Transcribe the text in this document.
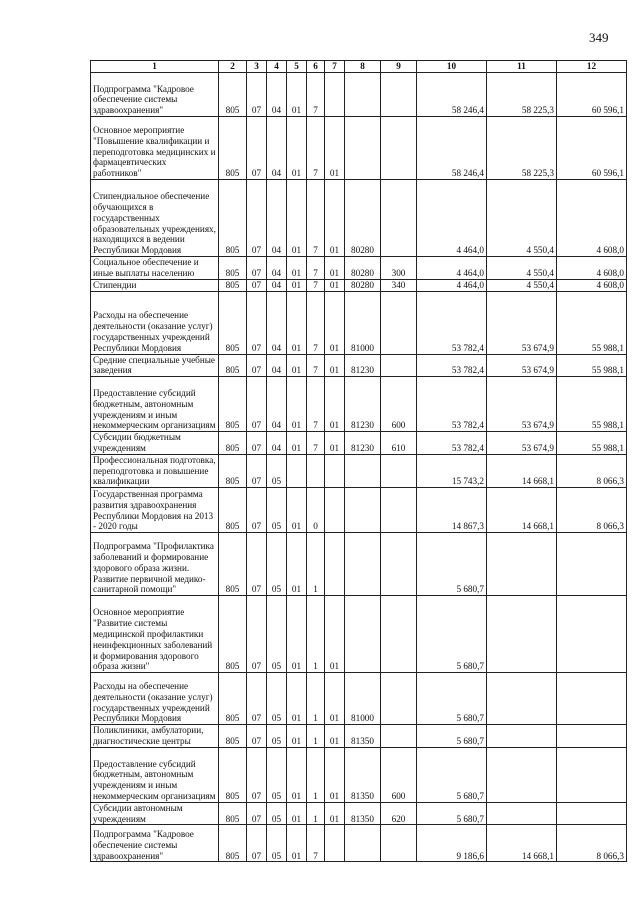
349
1	2	3	4	5	6	7	8	9	10	11	12
Подпрограмма "Кадровое обеспечение системы здравоохранения"	805	07	04	01	7				58 246,4	58 225,3	60 596,1
Основное мероприятие "Повышение квалификации и переподготовка медицинских и фармацевтических работников"	805	07	04	01	7	01			58 246,4	58 225,3	60 596,1
Стипендиальное обеспечение обучающихся в государственных образовательных учреждениях, находящихся в ведении Республики Мордовия	805	07	04	01	7	01	80280		4 464,0	4 550,4	4 608,0
Социальное обеспечение и иные выплаты населению	805	07	04	01	7	01	80280	300	4 464,0	4 550,4	4 608,0
Стипендии	805	07	04	01	7	01	80280	340	4 464,0	4 550,4	4 608,0
Расходы на обеспечение деятельности (оказание услуг) государственных учреждений Республики Мордовия	805	07	04	01	7	01	81000		53 782,4	53 674,9	55 988,1
Средние специальные учебные заведения	805	07	04	01	7	01	81230		53 782,4	53 674,9	55 988,1
Предоставление субсидий бюджетным, автономным учреждениям и иным некоммерческим организациям	805	07	04	01	7	01	81230	600	53 782,4	53 674,9	55 988,1
Субсидии бюджетным учреждениям	805	07	04	01	7	01	81230	610	53 782,4	53 674,9	55 988,1
Профессиональная подготовка, переподготовка и повышение квалификации	805	07	05						15 743,2	14 668,1	8 066,3
Государственная программа развития здравоохранения Республики Мордовия на 2013 - 2020 годы	805	07	05	01	0				14 867,3	14 668,1	8 066,3
Подпрограмма "Профилактика заболеваний и формирование здорового образа жизни. Развитие первичной медико-санитарной помощи"	805	07	05	01	1				5 680,7		
Основное мероприятие "Развитие системы медицинской профилактики неинфекционных заболеваний и формирования здорового образа жизни"	805	07	05	01	1	01			5 680,7		
Расходы на обеспечение деятельности (оказание услуг) государственных учреждений Республики Мордовия	805	07	05	01	1	01	81000		5 680,7		
Поликлиники, амбулатории, диагностические центры	805	07	05	01	1	01	81350		5 680,7		
Предоставление субсидий бюджетным, автономным учреждениям и иным некоммерческим организациям	805	07	05	01	1	01	81350	600	5 680,7		
Субсидии автономным учреждениям	805	07	05	01	1	01	81350	620	5 680,7		
Подпрограмма "Кадровое обеспечение системы здравоохранения"	805	07	05	01	7				9 186,6	14 668,1	8 066,3
